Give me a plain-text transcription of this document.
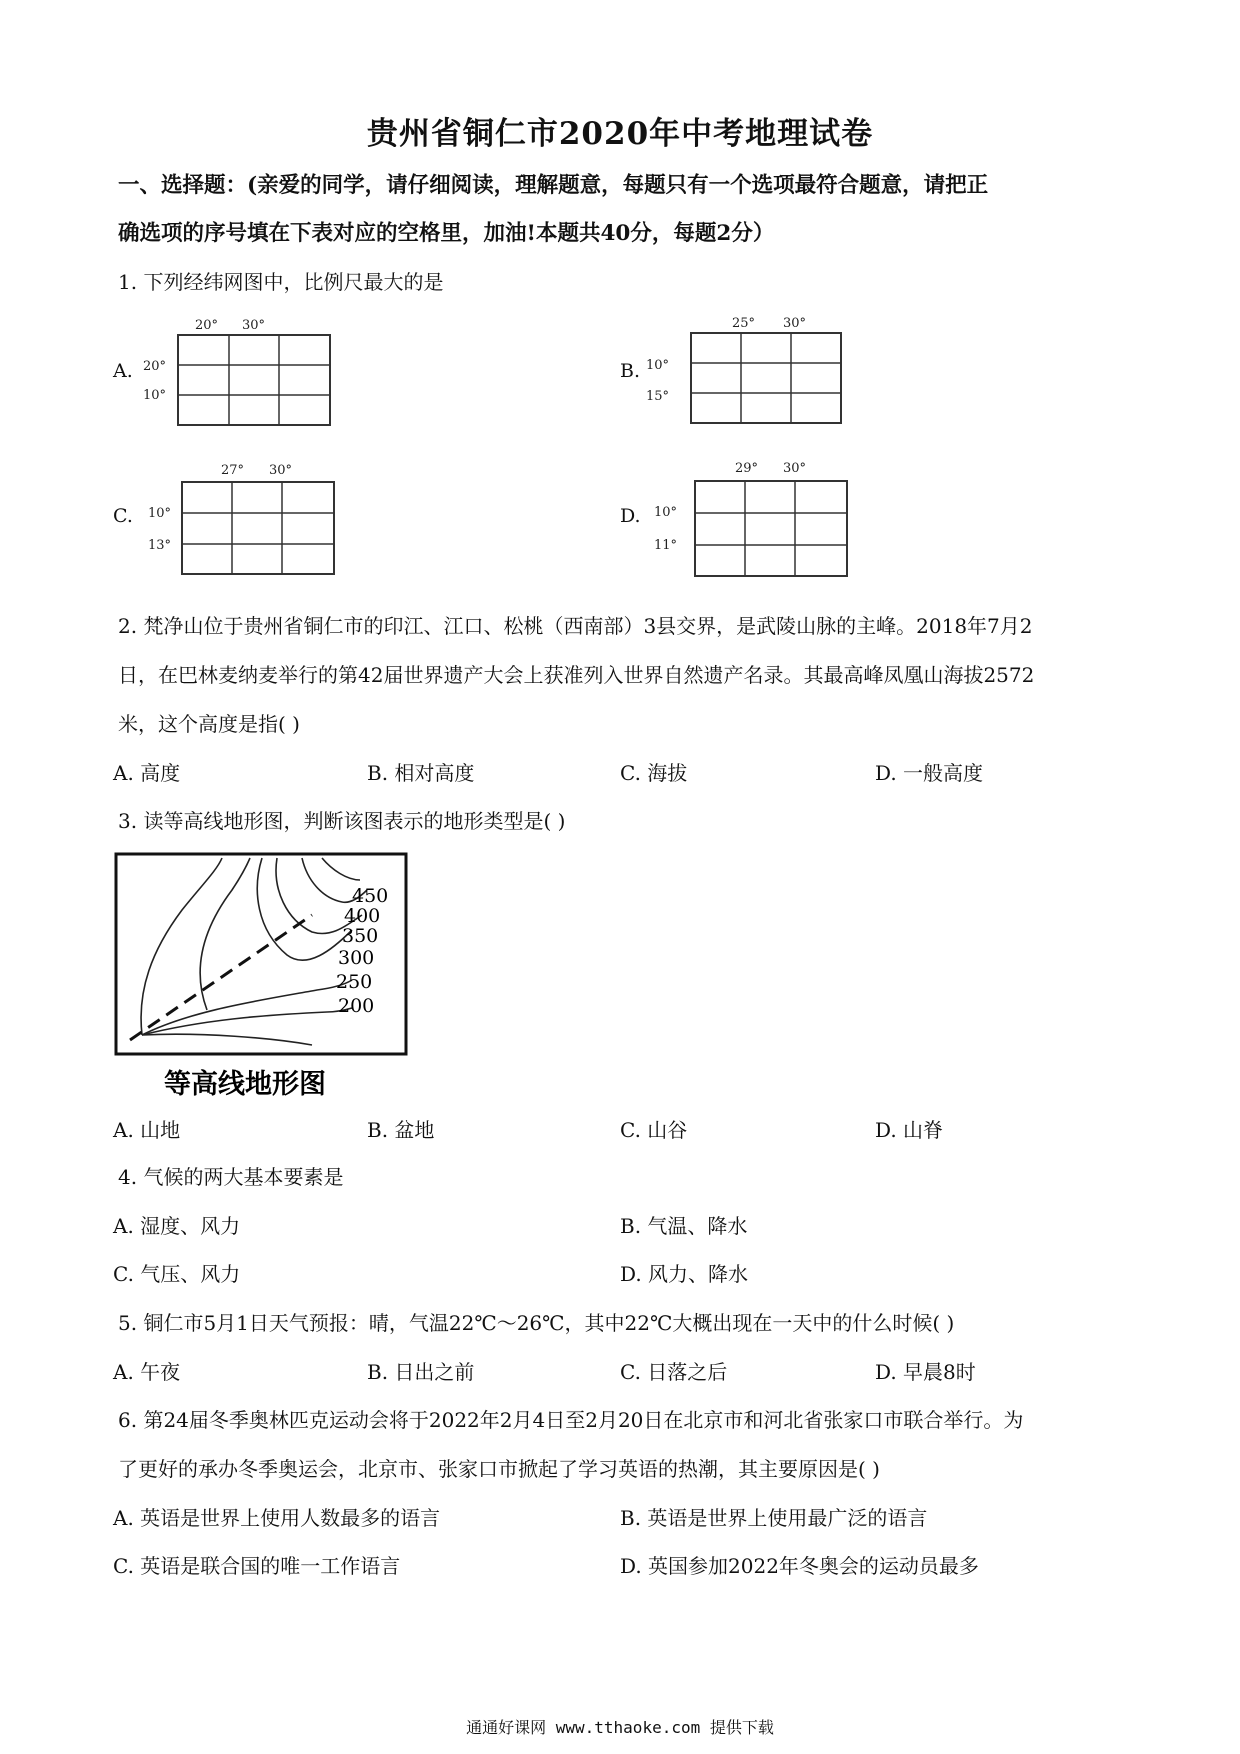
贵州省铜仁市2020年中考地理试卷
一、选择题：(亲爱的同学，请仔细阅读，理解题意，每题只有一个选项最符合题意，请把正
确选项的序号填在下表对应的空格里，加油!本题共40分，每题2分）
1. 下列经纬网图中，比例尺最大的是
A.
20° 30°
20°
10°
B.
25° 30°
10°
15°
C.
27° 30°
10°
13°
D.
29° 30°
10°
11°
2. 梵净山位于贵州省铜仁市的印江、江口、松桃（西南部）3县交界，是武陵山脉的主峰。2018年7月2
日，在巴林麦纳麦举行的第42届世界遗产大会上获准列入世界自然遗产名录。其最高峰凤凰山海拔2572
米，这个高度是指( )
A. 高度	B. 相对高度	C. 海拔	D. 一般高度
3. 读等高线地形图，判断该图表示的地形类型是( )
450
400
350
300
250
200
等高线地形图
A. 山地	B. 盆地	C. 山谷	D. 山脊
4. 气候的两大基本要素是
A. 湿度、风力	B. 气温、降水
C. 气压、风力	D. 风力、降水
5. 铜仁市5月1日天气预报：晴，气温22℃～26℃，其中22℃大概出现在一天中的什么时候( )
A. 午夜	B. 日出之前	C. 日落之后	D. 早晨8时
6. 第24届冬季奥林匹克运动会将于2022年2月4日至2月20日在北京市和河北省张家口市联合举行。为
了更好的承办冬季奥运会，北京市、张家口市掀起了学习英语的热潮，其主要原因是( )
A. 英语是世界上使用人数最多的语言	B. 英语是世界上使用最广泛的语言
C. 英语是联合国的唯一工作语言	D. 英国参加2022年冬奥会的运动员最多
通通好课网 www.tthaoke.com 提供下载
